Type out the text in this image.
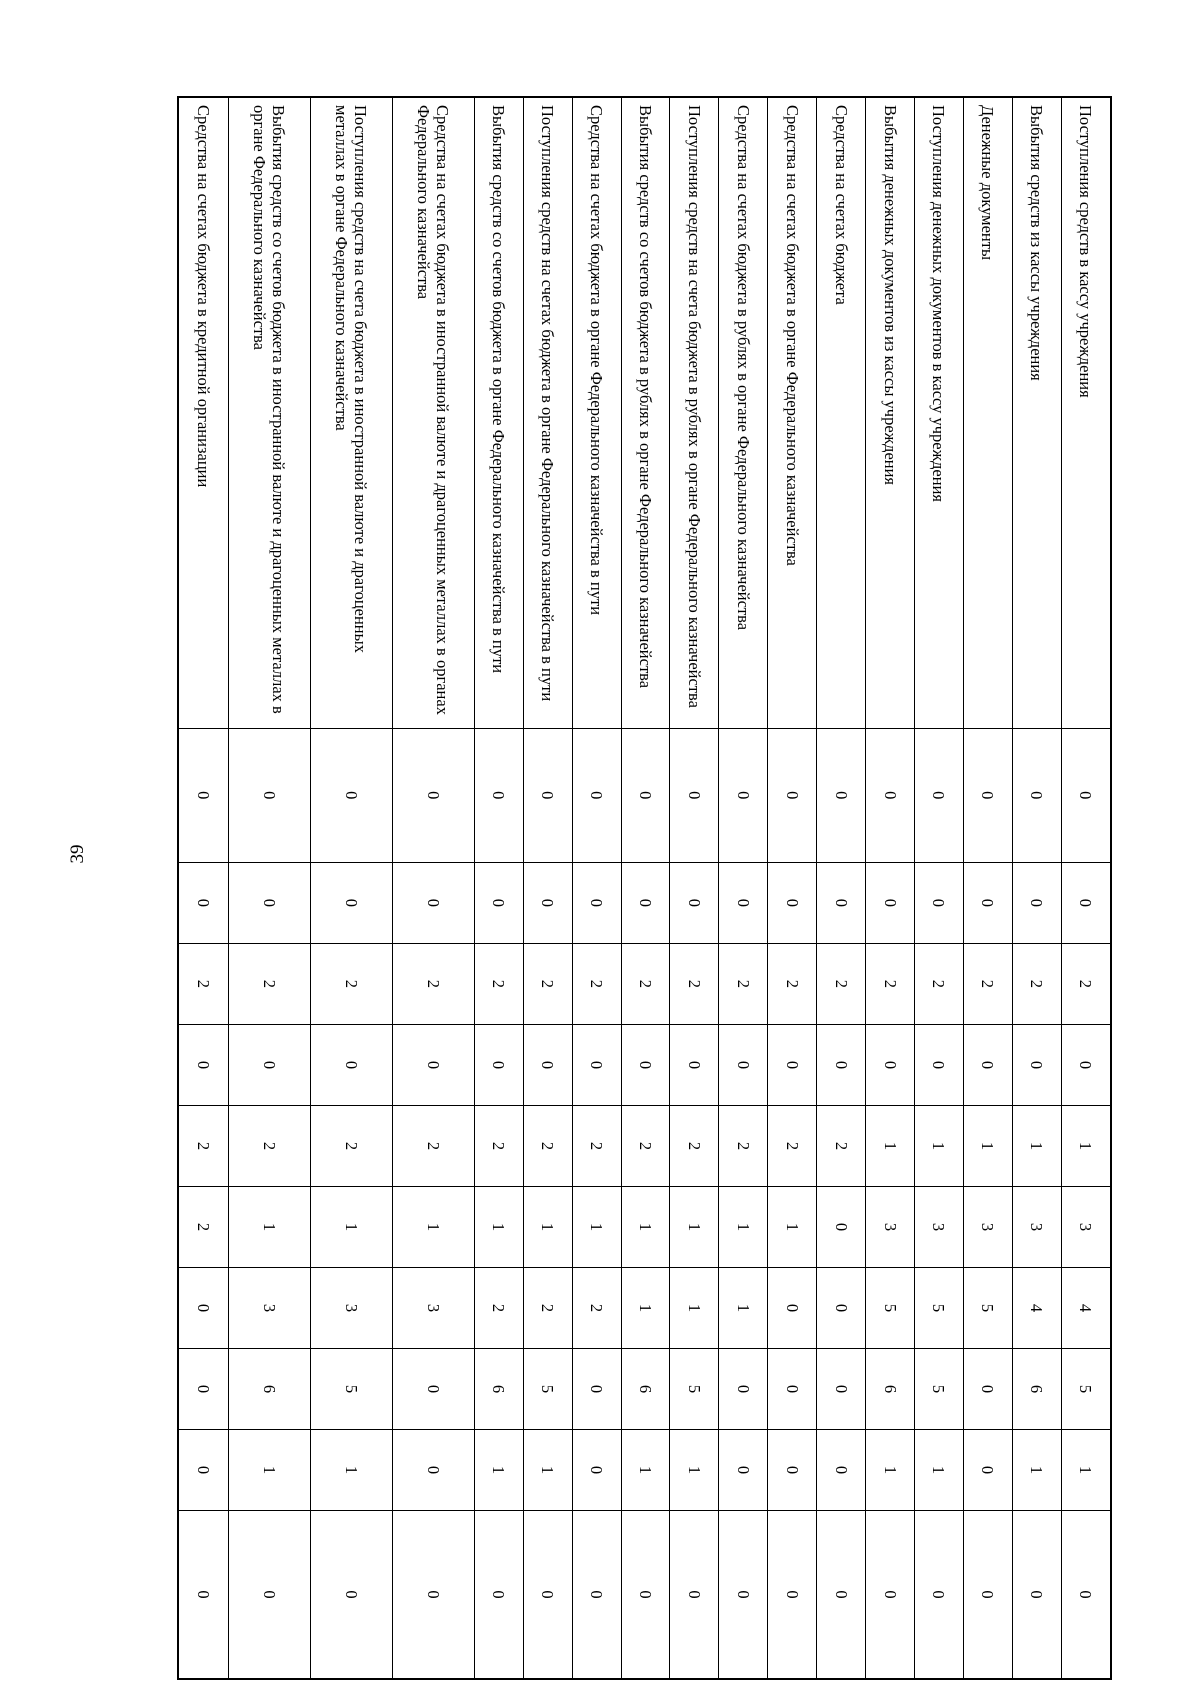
39
Поступления средств в кассу учреждения	0	0	2	0	1	3	4	5	1	0
Выбытия средств из кассы учреждения	0	0	2	0	1	3	4	6	1	0
Денежные документы	0	0	2	0	1	3	5	0	0	0
Поступления денежных документов в кассу учреждения	0	0	2	0	1	3	5	5	1	0
Выбытия денежных документов из кассы учреждения	0	0	2	0	1	3	5	6	1	0
Средства на счетах бюджета	0	0	2	0	2	0	0	0	0	0
Средства на счетах бюджета в органе Федерального казначейства	0	0	2	0	2	1	0	0	0	0
Средства на счетах бюджета в рублях в органе Федерального казначейства	0	0	2	0	2	1	1	0	0	0
Поступления средств на счета бюджета в рублях в органе Федерального казначейства	0	0	2	0	2	1	1	5	1	0
Выбытия средств со счетов бюджета в рублях в органе Федерального казначейства	0	0	2	0	2	1	1	6	1	0
Средства на счетах бюджета в органе Федерального казначейства в пути	0	0	2	0	2	1	2	0	0	0
Поступления средств на счетах бюджета в органе Федерального казначейства в пути	0	0	2	0	2	1	2	5	1	0
Выбытия средств со счетов бюджета в органе Федерального казначейства в пути	0	0	2	0	2	1	2	6	1	0
Средства на счетах бюджета в иностранной валюте и драгоценных металлах в органах Федерального казначейства	0	0	2	0	2	1	3	0	0	0
Поступления средств на счета бюджета в иностранной валюте и драгоценных металлах в органе Федерального казначейства	0	0	2	0	2	1	3	5	1	0
Выбытия средств со счетов бюджета в иностранной валюте и драгоценных металлах в органе Федерального казначейства	0	0	2	0	2	1	3	6	1	0
Средства на счетах бюджета в кредитной организации	0	0	2	0	2	2	0	0	0	0
